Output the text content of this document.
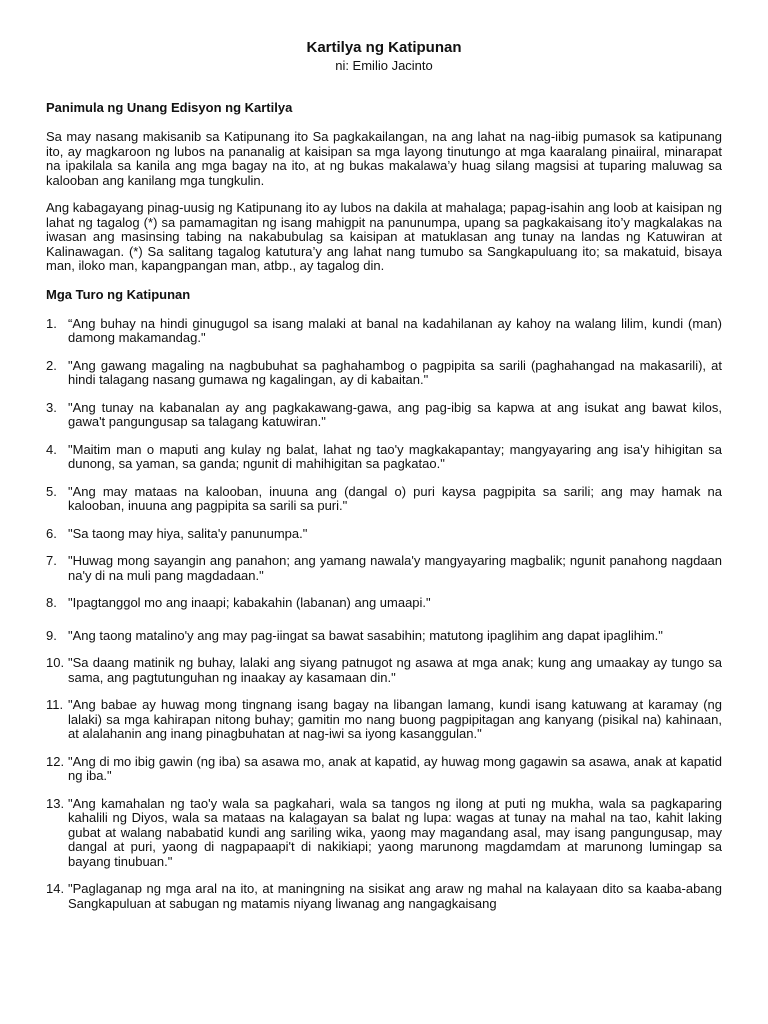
Kartilya ng Katipunan

ni: Emilio Jacinto

Panimula ng Unang Edisyon ng Kartilya

Sa may nasang makisanib sa Katipunang ito Sa pagkakailangan, na ang lahat na nag-iibig pumasok sa katipunang ito, ay magkaroon ng lubos na pananalig at kaisipan sa mga layong tinutungo at mga kaaralang pinaiiral, minarapat na ipakilala sa kanila ang mga bagay na ito, at ng bukas makalawa’y huag silang magsisi at tuparing maluwag sa kalooban ang kanilang mga tungkulin.

Ang kabagayang pinag-uusig ng Katipunang ito ay lubos na dakila at mahalaga; papag-isahin ang loob at kaisipan ng lahat ng tagalog (*) sa pamamagitan ng isang mahigpit na panunumpa, upang sa pagkakaisang ito’y magkalakas na iwasan ang masinsing tabing na nakabubulag sa kaisipan at matuklasan ang tunay na landas ng Katuwiran at Kalinawagan. (*) Sa salitang tagalog katutura’y ang lahat nang tumubo sa Sangkapuluang ito; sa makatuid, bisaya man, iloko man, kapangpangan man, atbp., ay tagalog din.

Mga Turo ng Katipunan
1. “Ang buhay na hindi ginugugol sa isang malaki at banal na kadahilanan ay kahoy na walang lilim, kundi (man) damong makamandag."
2. "Ang gawang magaling na nagbubuhat sa paghahambog o pagpipita sa sarili (paghahangad na makasarili), at hindi talagang nasang gumawa ng kagalingan, ay di kabaitan."
3. "Ang tunay na kabanalan ay ang pagkakawang-gawa, ang pag-ibig sa kapwa at ang isukat ang bawat kilos, gawa't pangungusap sa talagang katuwiran."
4. "Maitim man o maputi ang kulay ng balat, lahat ng tao'y magkakapantay; mangyayaring ang isa'y hihigitan sa dunong, sa yaman, sa ganda; ngunit di mahihigitan sa pagkatao."
5. "Ang may mataas na kalooban, inuuna ang (dangal o) puri kaysa pagpipita sa sarili; ang may hamak na kalooban, inuuna ang pagpipita sa sarili sa puri."
6. "Sa taong may hiya, salita'y panunumpa."
7. "Huwag mong sayangin ang panahon; ang yamang nawala'y mangyayaring magbalik; ngunit panahong nagdaan na'y di na muli pang magdadaan."
8. "Ipagtanggol mo ang inaapi; kabakahin (labanan) ang umaapi."
9. "Ang taong matalino'y ang may pag-iingat sa bawat sasabihin; matutong ipaglihim ang dapat ipaglihim."
10. "Sa daang matinik ng buhay, lalaki ang siyang patnugot ng asawa at mga anak; kung ang umaakay ay tungo sa sama, ang pagtutunguhan ng inaakay ay kasamaan din."
11. "Ang babae ay huwag mong tingnang isang bagay na libangan lamang, kundi isang katuwang at karamay (ng lalaki) sa mga kahirapan nitong buhay; gamitin mo nang buong pagpipitagan ang kanyang (pisikal na) kahinaan, at alalahanin ang inang pinagbuhatan at nag-iwi sa iyong kasanggulan."
12. "Ang di mo ibig gawin (ng iba) sa asawa mo, anak at kapatid, ay huwag mong gagawin sa asawa, anak at kapatid ng iba."
13. "Ang kamahalan ng tao'y wala sa pagkahari, wala sa tangos ng ilong at puti ng mukha, wala sa pagkaparing kahalili ng Diyos, wala sa mataas na kalagayan sa balat ng lupa: wagas at tunay na mahal na tao, kahit laking gubat at walang nababatid kundi ang sariling wika, yaong may magandang asal, may isang pangungusap, may dangal at puri, yaong di nagpapaapi't di nakikiapi; yaong marunong magdamdam at marunong lumingap sa bayang tinubuan."
14. "Paglaganap ng mga aral na ito, at maningning na sisikat ang araw ng mahal na kalayaan dito sa kaaba-abang Sangkapuluan at sabugan ng matamis niyang liwanag ang nangagkaisang
